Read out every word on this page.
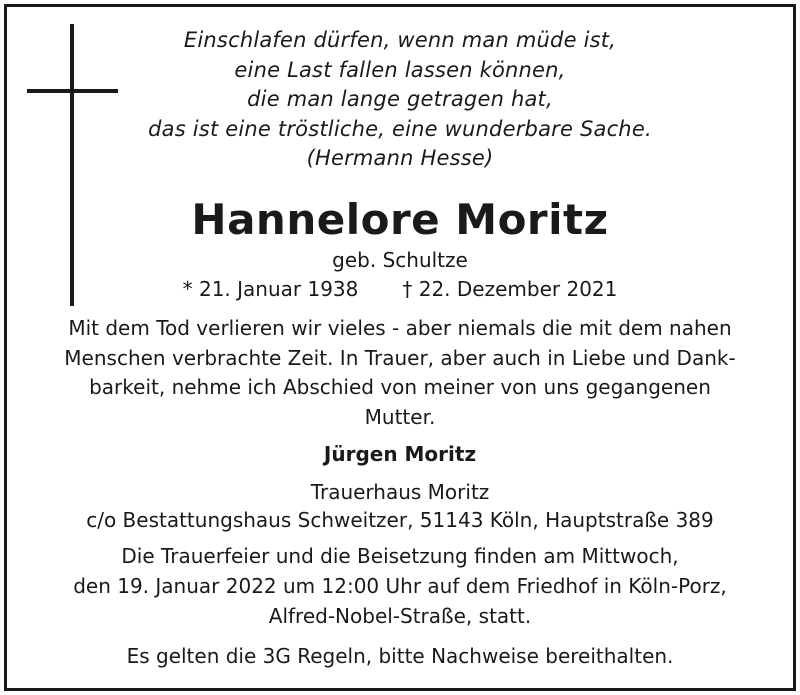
Einschlafen dürfen, wenn man müde ist,
eine Last fallen lassen können,
die man lange getragen hat,
das ist eine tröstliche, eine wunderbare Sache.
(Hermann Hesse)
Hannelore Moritz
geb. Schultze
* 21. Januar 1938 † 22. Dezember 2021
Mit dem Tod verlieren wir vieles - aber niemals die mit dem nahen
Menschen verbrachte Zeit. In Trauer, aber auch in Liebe und Dank-
barkeit, nehme ich Abschied von meiner von uns gegangenen
Mutter.
Jürgen Moritz
Trauerhaus Moritz
c/o Bestattungshaus Schweitzer, 51143 Köln, Hauptstraße 389
Die Trauerfeier und die Beisetzung finden am Mittwoch,
den 19. Januar 2022 um 12:00 Uhr auf dem Friedhof in Köln-Porz,
Alfred-Nobel-Straße, statt.
Es gelten die 3G Regeln, bitte Nachweise bereithalten.
